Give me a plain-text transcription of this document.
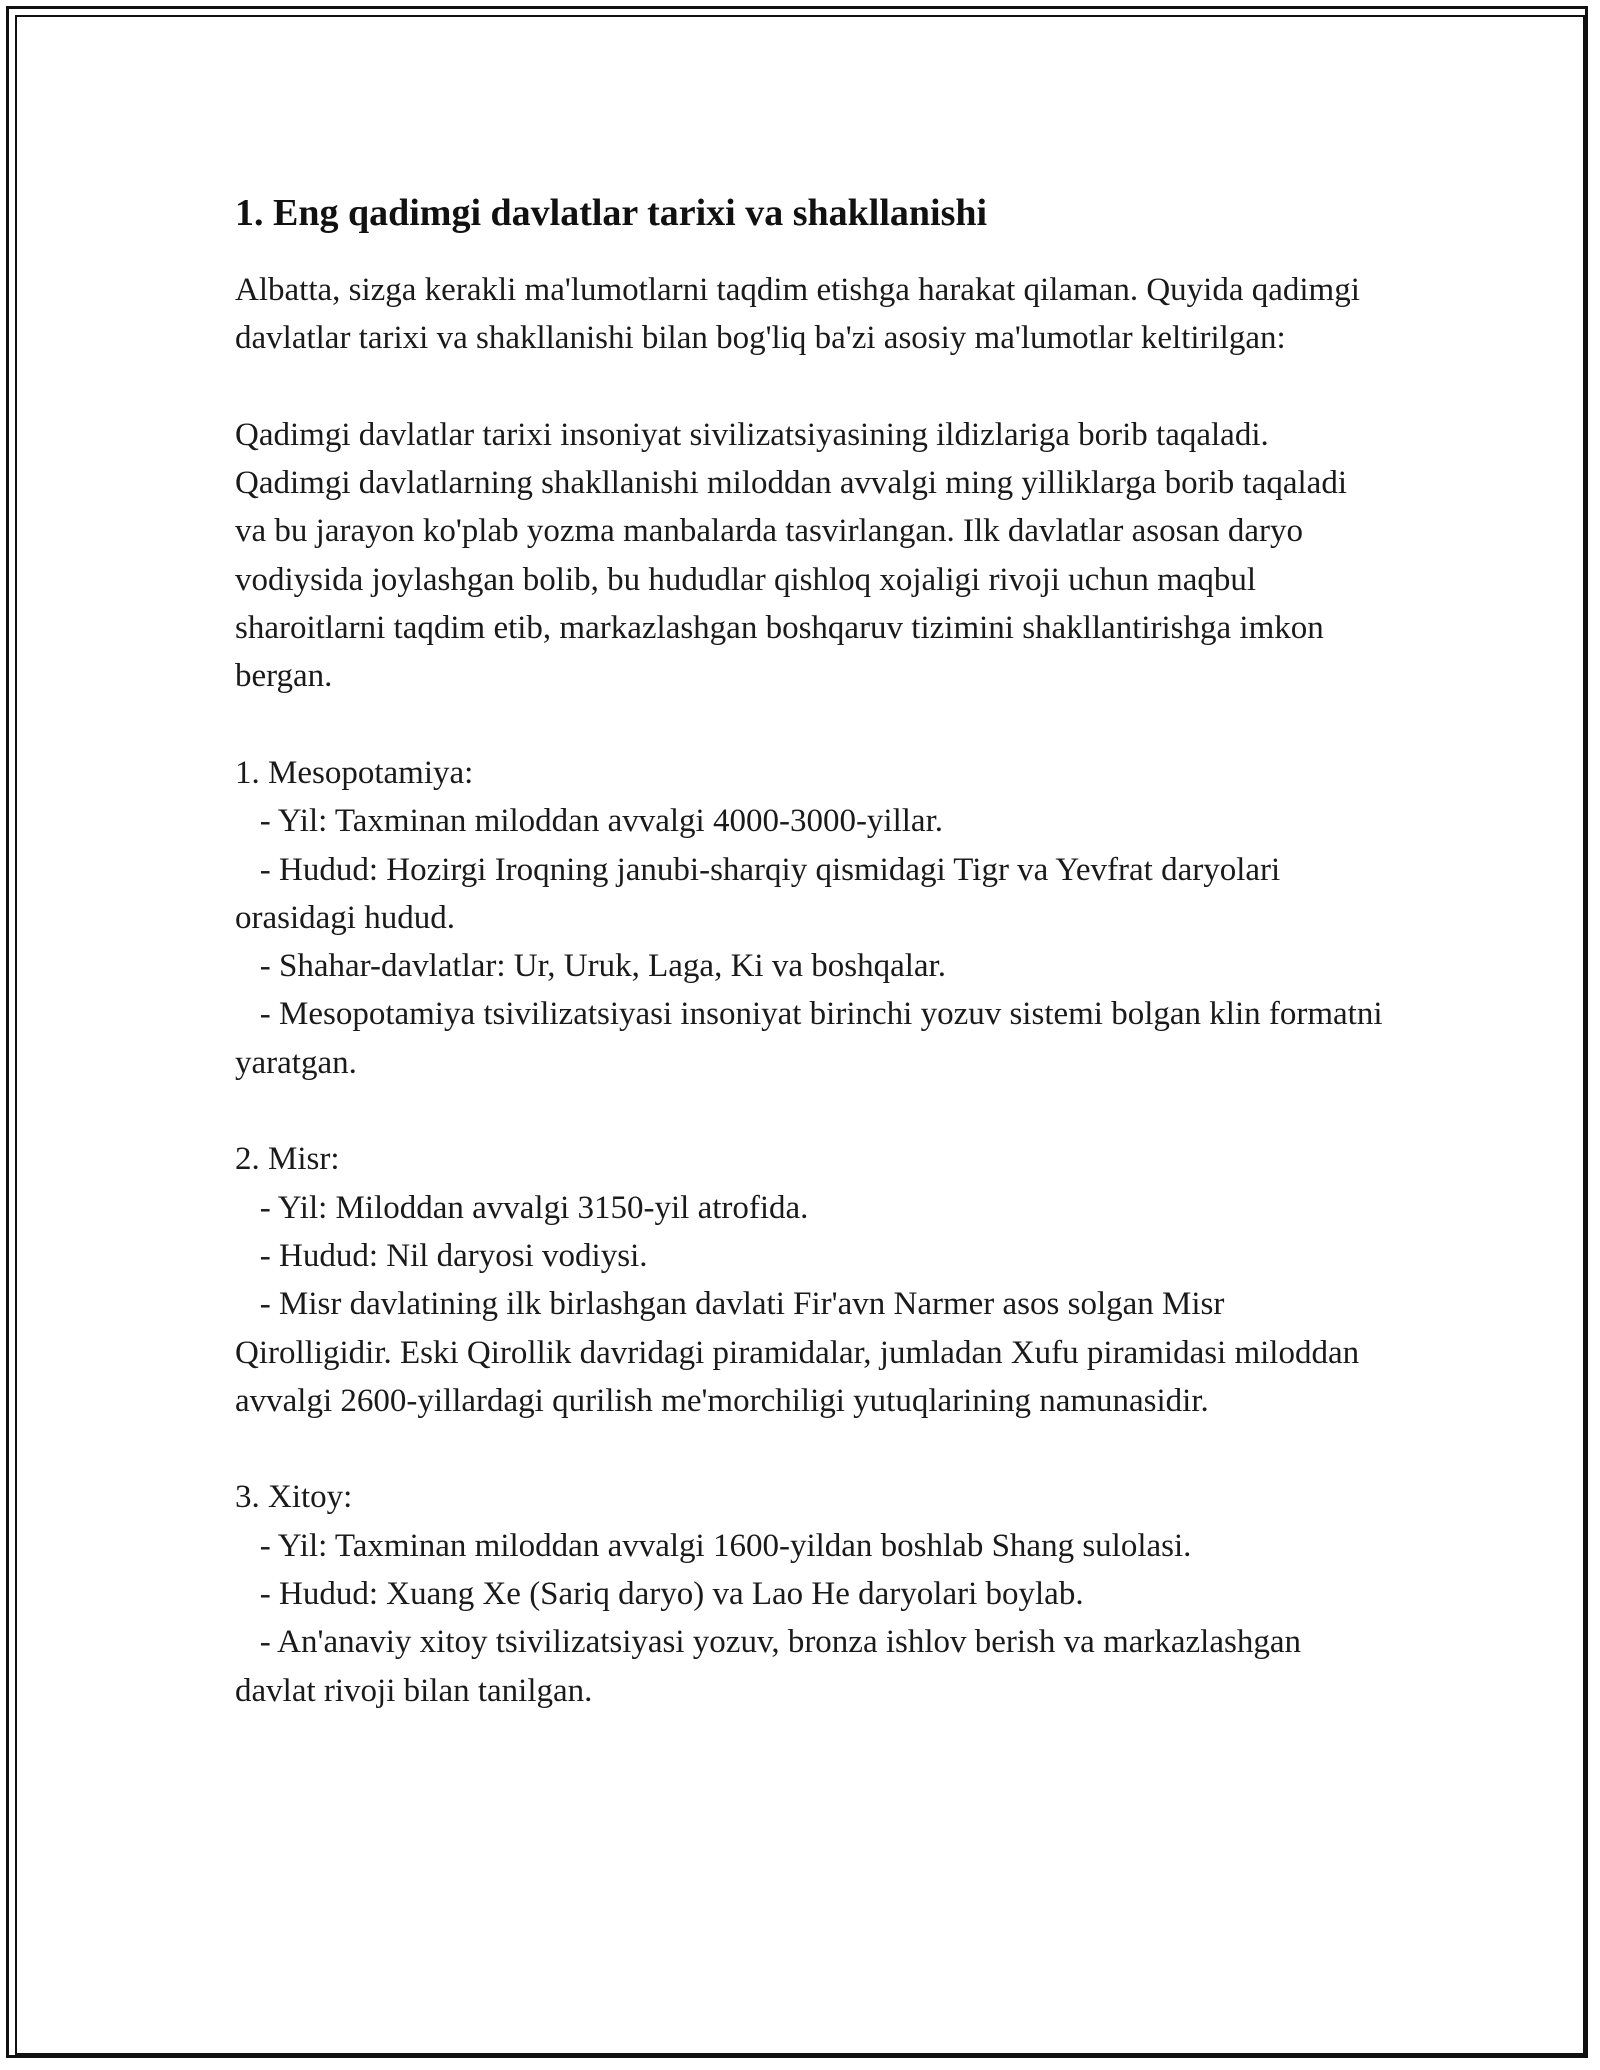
1. Eng qadimgi davlatlar tarixi va shakllanishi

Albatta, sizga kerakli ma'lumotlarni taqdim etishga harakat qilaman. Quyida qadimgi davlatlar tarixi va shakllanishi bilan bog'liq ba'zi asosiy ma'lumotlar keltirilgan:

Qadimgi davlatlar tarixi insoniyat sivilizatsiyasining ildizlariga borib taqaladi. Qadimgi davlatlarning shakllanishi miloddan avvalgi ming yilliklarga borib taqaladi va bu jarayon ko'plab yozma manbalarda tasvirlangan. Ilk davlatlar asosan daryo vodiysida joylashgan bolib, bu hududlar qishloq xojaligi rivoji uchun maqbul sharoitlarni taqdim etib, markazlashgan boshqaruv tizimini shakllantirishga imkon bergan.

1. Mesopotamiya:

- Yil: Taxminan miloddan avvalgi 4000-3000-yillar.

- Hudud: Hozirgi Iroqning janubi-sharqiy qismidagi Tigr va Yevfrat daryolari orasidagi hudud.

- Shahar-davlatlar: Ur, Uruk, Laga, Ki va boshqalar.

- Mesopotamiya tsivilizatsiyasi insoniyat birinchi yozuv sistemi bolgan klin formatni yaratgan.

2. Misr:

- Yil: Miloddan avvalgi 3150-yil atrofida.

- Hudud: Nil daryosi vodiysi.

- Misr davlatining ilk birlashgan davlati Fir'avn Narmer asos solgan Misr Qirolligidir. Eski Qirollik davridagi piramidalar, jumladan Xufu piramidasi miloddan avvalgi 2600-yillardagi qurilish me'morchiligi yutuqlarining namunasidir.

3. Xitoy:

- Yil: Taxminan miloddan avvalgi 1600-yildan boshlab Shang sulolasi.

- Hudud: Xuang Xe (Sariq daryo) va Lao He daryolari boylab.

- An'anaviy xitoy tsivilizatsiyasi yozuv, bronza ishlov berish va markazlashgan davlat rivoji bilan tanilgan.
